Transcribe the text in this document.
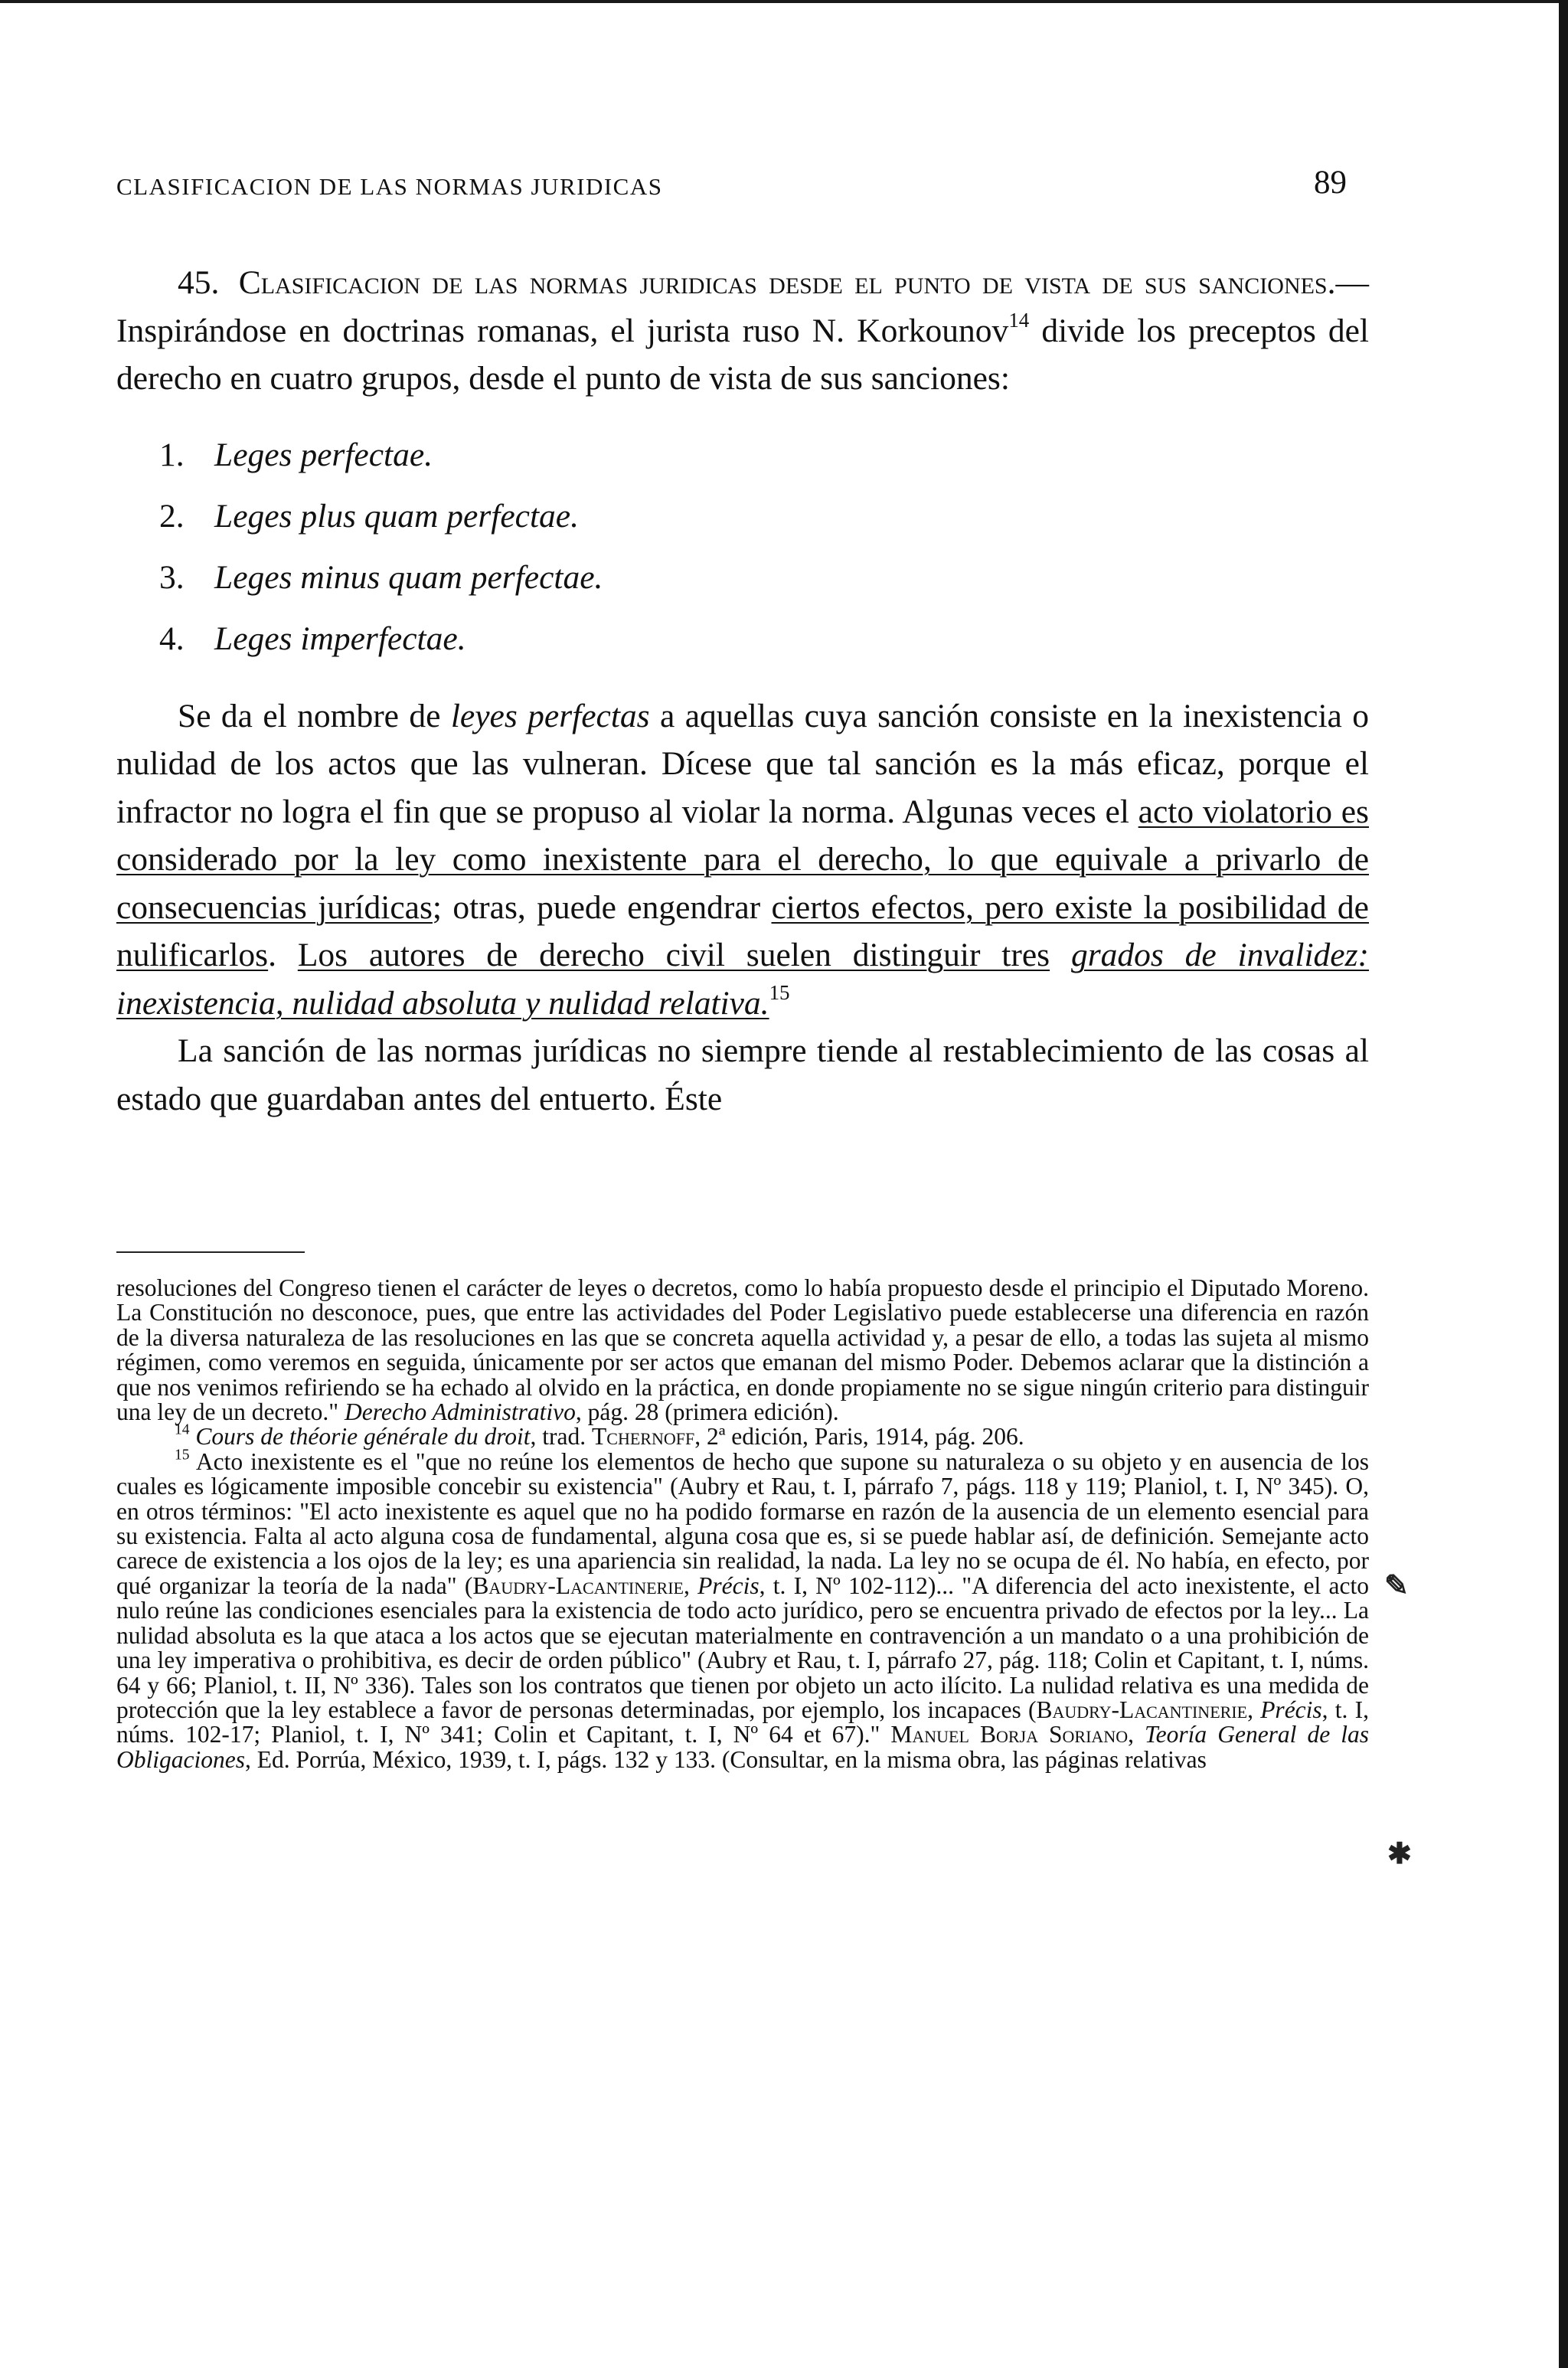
CLASIFICACION DE LAS NORMAS JURIDICAS	89

45. Clasificacion de las normas juridicas desde el punto de vista de sus sanciones.—Inspirándose en doctrinas romanas, el jurista ruso N. Korkounov$^{14}$ divide los preceptos del derecho en cuatro grupos, desde el punto de vista de sus sanciones:

1. Leges perfectae.
2. Leges plus quam perfectae.
3. Leges minus quam perfectae.
4. Leges imperfectae.

Se da el nombre de leyes perfectas a aquellas cuya sanción consiste en la inexistencia o nulidad de los actos que las vulneran. Dícese que tal sanción es la más eficaz, porque el infractor no logra el fin que se propuso al violar la norma. Algunas veces el acto violatorio es considerado por la ley como inexistente para el derecho, lo que equivale a privarlo de consecuencias jurídicas; otras, puede engendrar ciertos efectos, pero existe la posibilidad de nulificarlos. Los autores de derecho civil suelen distinguir tres grados de invalidez: inexistencia, nulidad absoluta y nulidad relativa.$^{15}$

La sanción de las normas jurídicas no siempre tiende al restablecimiento de las cosas al estado que guardaban antes del entuerto. Éste

resoluciones del Congreso tienen el carácter de leyes o decretos, como lo había propuesto desde el principio el Diputado Moreno. La Constitución no desconoce, pues, que entre las actividades del Poder Legislativo puede establecerse una diferencia en razón de la diversa naturaleza de las resoluciones en las que se concreta aquella actividad y, a pesar de ello, a todas las sujeta al mismo régimen, como veremos en seguida, únicamente por ser actos que emanan del mismo Poder. Debemos aclarar que la distinción a que nos venimos refiriendo se ha echado al olvido en la práctica, en donde propiamente no se sigue ningún criterio para distinguir una ley de un decreto." Derecho Administrativo, pág. 28 (primera edición).

$^{14}$ Cours de théorie générale du droit, trad. Tchernoff, 2ª edición, Paris, 1914, pág. 206.

$^{15}$ Acto inexistente es el "que no reúne los elementos de hecho que supone su naturaleza o su objeto y en ausencia de los cuales es lógicamente imposible concebir su existencia" (Aubry et Rau, t. I, párrafo 7, págs. 118 y 119; Planiol, t. I, Nº 345). O, en otros términos: "El acto inexistente es aquel que no ha podido formarse en razón de la ausencia de un elemento esencial para su existencia. Falta al acto alguna cosa de fundamental, alguna cosa que es, si se puede hablar así, de definición. Semejante acto carece de existencia a los ojos de la ley; es una apariencia sin realidad, la nada. La ley no se ocupa de él. No había, en efecto, por qué organizar la teoría de la nada" (Baudry-Lacantinerie, Précis, t. I, Nº 102-112)... "A diferencia del acto inexistente, el acto nulo reúne las condiciones esenciales para la existencia de todo acto jurídico, pero se encuentra privado de efectos por la ley... La nulidad absoluta es la que ataca a los actos que se ejecutan materialmente en contravención a un mandato o a una prohibición de una ley imperativa o prohibitiva, es decir de orden público" (Aubry et Rau, t. I, párrafo 27, pág. 118; Colin et Capitant, t. I, núms. 64 y 66; Planiol, t. II, Nº 336). Tales son los contratos que tienen por objeto un acto ilícito. La nulidad relativa es una medida de protección que la ley establece a favor de personas determinadas, por ejemplo, los incapaces (Baudry-Lacantinerie, Précis, t. I, núms. 102-17; Planiol, t. I, Nº 341; Colin et Capitant, t. I, Nº 64 et 67)." Manuel Borja Soriano, Teoría General de las Obligaciones, Ed. Porrúa, México, 1939, t. I, págs. 132 y 133. (Consultar, en la misma obra, las páginas relativas

✎
✱
